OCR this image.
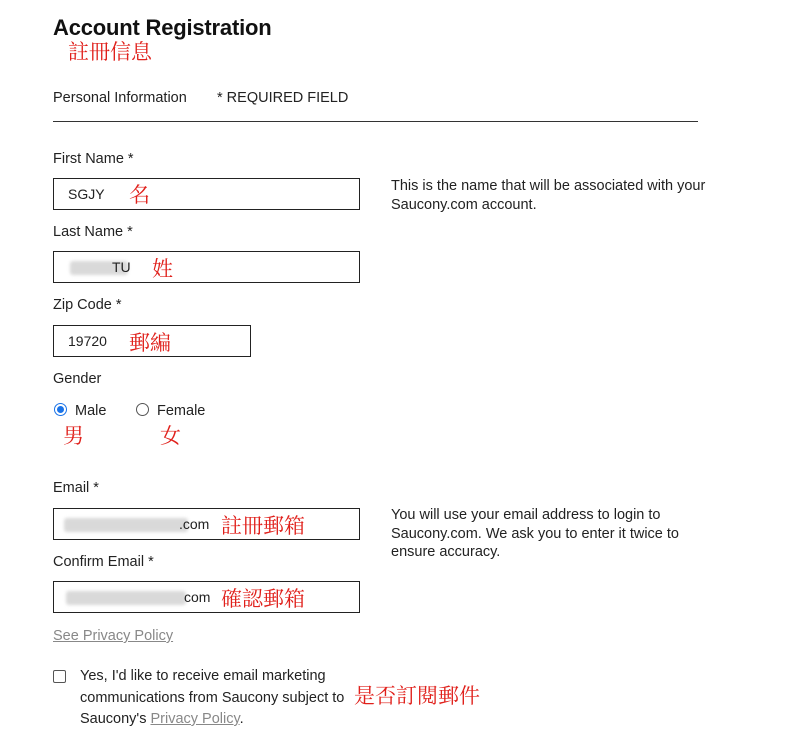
Account Registration
註冊信息
Personal Information * REQUIRED FIELD
First Name *
SGJY 名	This is the name that will be associated with your Saucony.com account.
Last Name *
TU 姓
Zip Code *
19720 郵編
Gender
Male	Female
男	女
Email *
.com 註冊郵箱	You will use your email address to login to Saucony.com. We ask you to enter it twice to ensure accuracy.
Confirm Email *
com 確認郵箱
See Privacy Policy
Yes, I'd like to receive email marketing communications from Saucony subject to Saucony's Privacy Policy.
是否訂閱郵件
